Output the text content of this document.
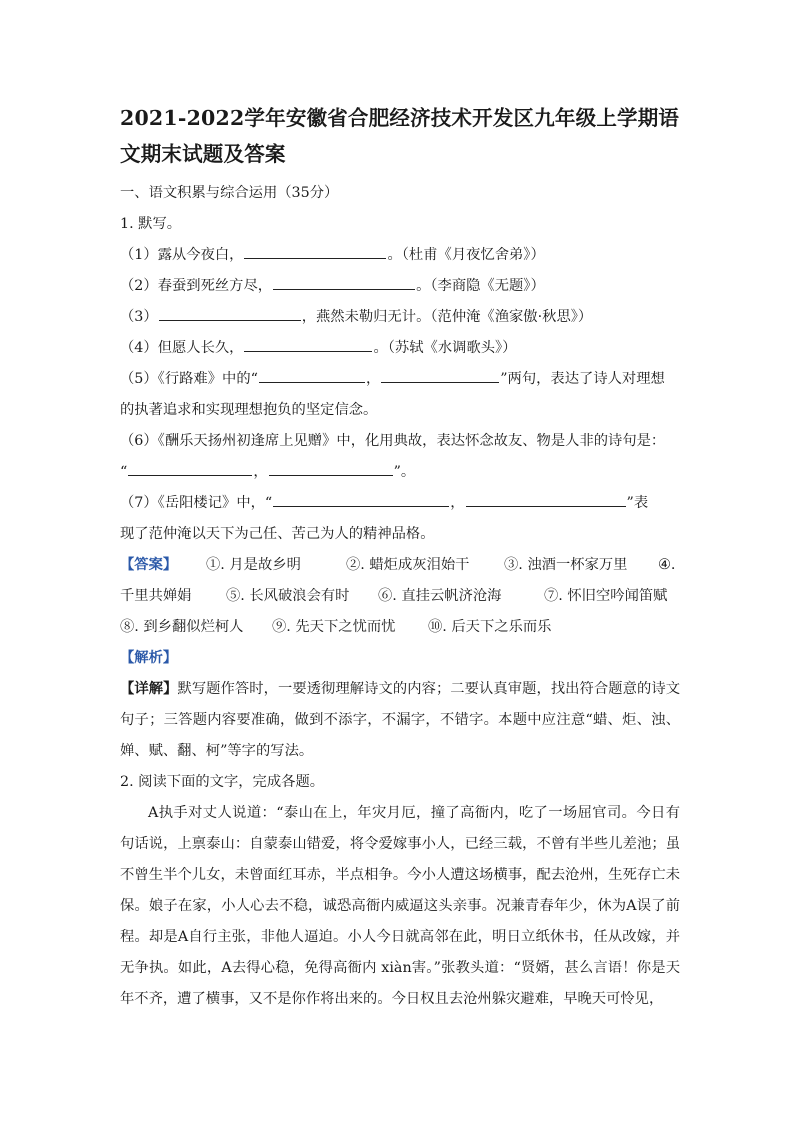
2021-2022学年安徽省合肥经济技术开发区九年级上学期语
文期末试题及答案
一、语文积累与综合运用（35分）
1. 默写。
（1）露从今夜白，	。（杜甫《月夜忆舍弟》）
（2）春蚕到死丝方尽，	。（李商隐《无题》）
（3）	，燕然未勒归无计。（范仲淹《渔家傲·秋思》）
（4）但愿人长久，	。（苏轼《水调歌头》）
（5）《行路难》中的“	，	”两句，表达了诗人对理想
的执著追求和实现理想抱负的坚定信念。
（6）《酬乐天扬州初逢席上见赠》中，化用典故，表达怀念故友、物是人非的诗句是：
“	，	”。
（7）《岳阳楼记》中，“	，	”表
现了范仲淹以天下为己任、苦己为人的精神品格。
【答案】 ①. 月是故乡明	②. 蜡炬成灰泪始干 ③. 浊酒一杯家万里 ④.
千里共婵娟 ⑤. 长风破浪会有时 ⑥. 直挂云帆济沧海	⑦. 怀旧空吟闻笛赋
⑧. 到乡翻似烂柯人 ⑨. 先天下之忧而忧 ⑩. 后天下之乐而乐
【解析】
【详解】默写题作答时，一要透彻理解诗文的内容；二要认真审题，找出符合题意的诗文句子；三答题内容要准确，做到不添字，不漏字，不错字。本题中应注意“蜡、炬、浊、婵、赋、翻、柯”等字的写法。
2. 阅读下面的文字，完成各题。
A执手对丈人说道：“泰山在上，年灾月厄，撞了高衙内，吃了一场屈官司。今日有句话说，上禀泰山：自蒙泰山错爱，将令爱嫁事小人，已经三载，不曾有半些儿差池；虽不曾生半个儿女，未曾面红耳赤，半点相争。今小人遭这场横事，配去沧州，生死存亡未保。娘子在家，小人心去不稳，诚恐高衙内威逼这头亲事。况兼青春年少，休为A误了前程。却是A自行主张，非他人逼迫。小人今日就高邻在此，明日立纸休书，任从改嫁，并无争执。如此，A去得心稳，免得高衙内 xiàn害。”张教头道：“贤婿，甚么言语！你是天年不齐，遭了横事，又不是你作将出来的。今日权且去沧州躲灾避难，早晚天可怜见，
